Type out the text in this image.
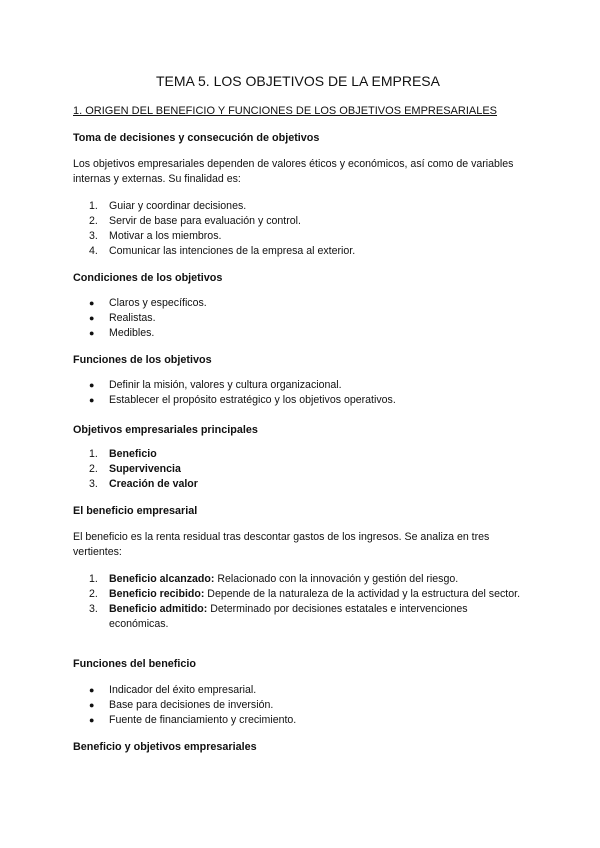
TEMA 5. LOS OBJETIVOS DE LA EMPRESA
1. ORIGEN DEL BENEFICIO Y FUNCIONES DE LOS OBJETIVOS EMPRESARIALES
Toma de decisiones y consecución de objetivos
Los objetivos empresariales dependen de valores éticos y económicos, así como de variables internas y externas. Su finalidad es:
1. Guiar y coordinar decisiones.
2. Servir de base para evaluación y control.
3. Motivar a los miembros.
4. Comunicar las intenciones de la empresa al exterior.
Condiciones de los objetivos
● Claros y específicos.
● Realistas.
● Medibles.
Funciones de los objetivos
● Definir la misión, valores y cultura organizacional.
● Establecer el propósito estratégico y los objetivos operativos.
Objetivos empresariales principales
1. Beneficio
2. Supervivencia
3. Creación de valor
El beneficio empresarial
El beneficio es la renta residual tras descontar gastos de los ingresos. Se analiza en tres vertientes:
1. Beneficio alcanzado: Relacionado con la innovación y gestión del riesgo.
2. Beneficio recibido: Depende de la naturaleza de la actividad y la estructura del sector.
3. Beneficio admitido: Determinado por decisiones estatales e intervenciones económicas.
Funciones del beneficio
● Indicador del éxito empresarial.
● Base para decisiones de inversión.
● Fuente de financiamiento y crecimiento.
Beneficio y objetivos empresariales
